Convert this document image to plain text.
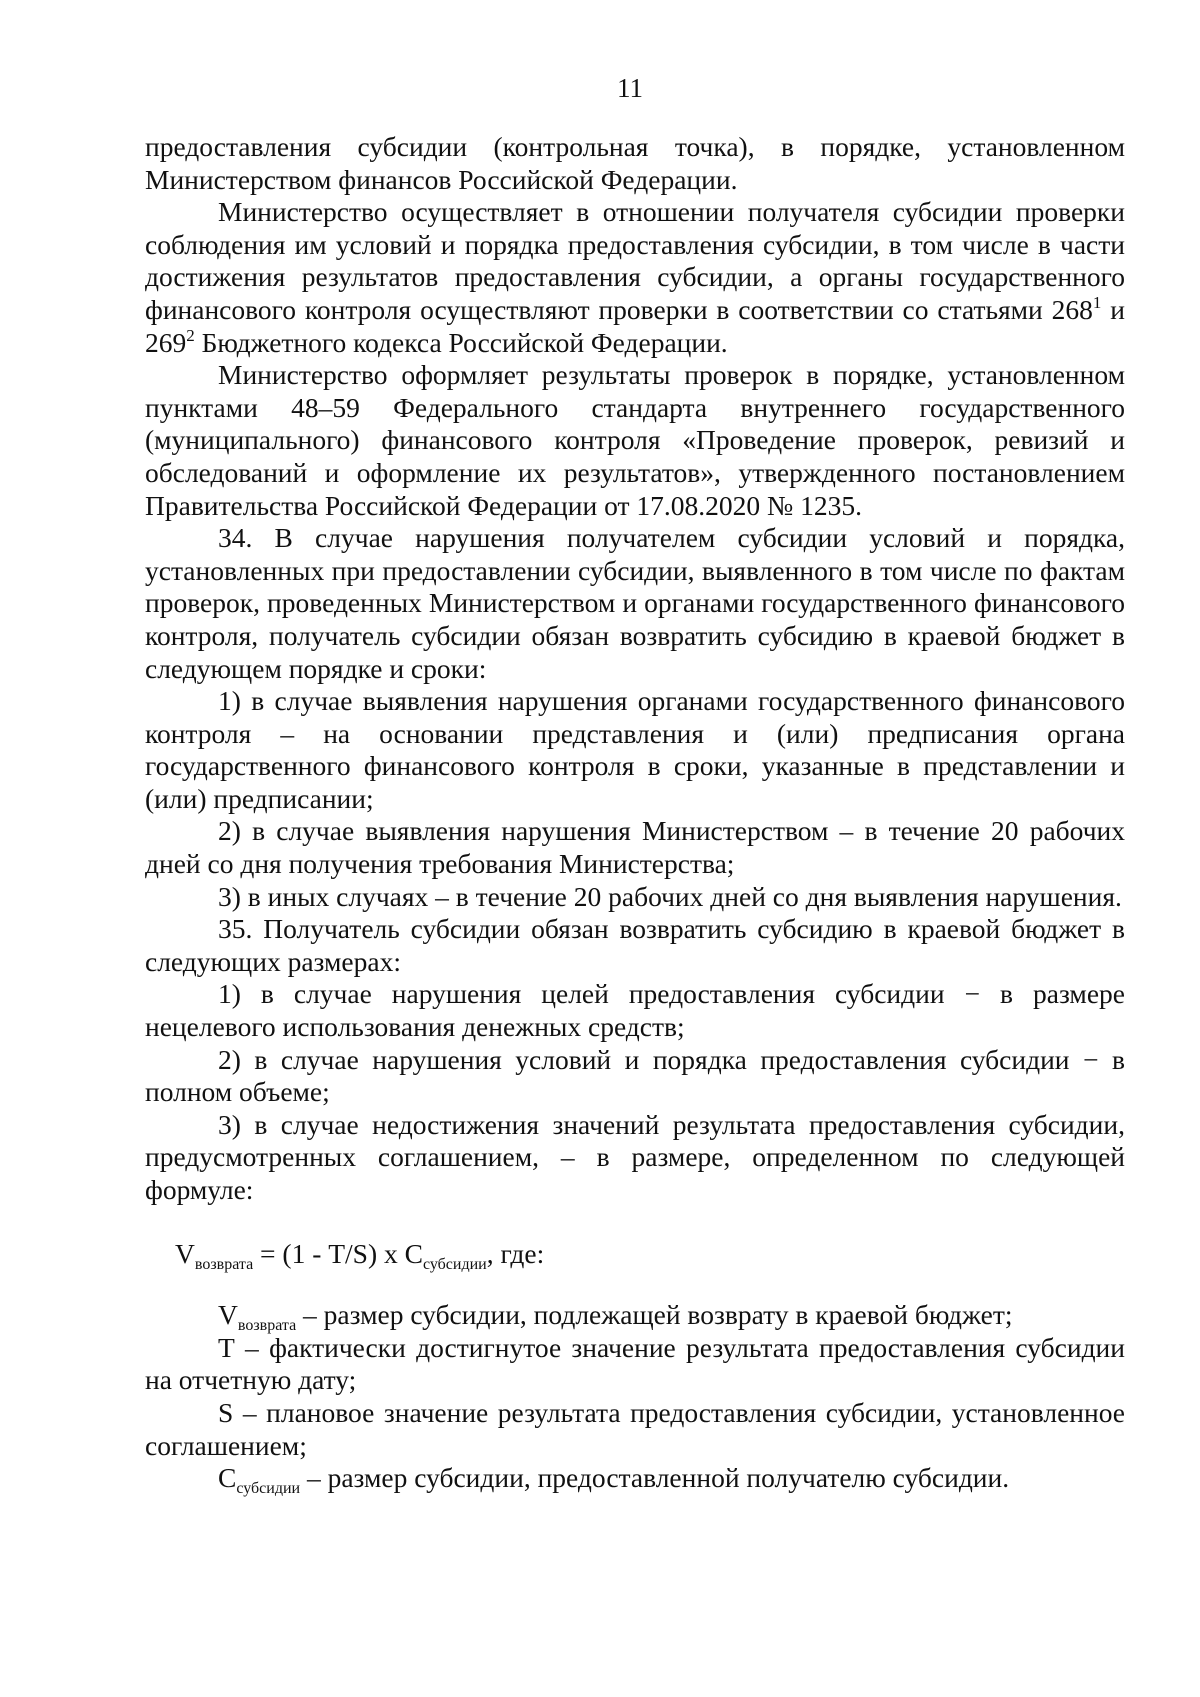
11

предоставления субсидии (контрольная точка), в порядке, установленном Министерством финансов Российской Федерации.

Министерство осуществляет в отношении получателя субсидии проверки соблюдения им условий и порядка предоставления субсидии, в том числе в части достижения результатов предоставления субсидии, а органы государственного финансового контроля осуществляют проверки в соответствии со статьями $268^1$ и $269^2$ Бюджетного кодекса Российской Федерации.

Министерство оформляет результаты проверок в порядке, установленном пунктами 48–59 Федерального стандарта внутреннего государственного (муниципального) финансового контроля «Проведение проверок, ревизий и обследований и оформление их результатов», утвержденного постановлением Правительства Российской Федерации от 17.08.2020 № 1235.

34. В случае нарушения получателем субсидии условий и порядка, установленных при предоставлении субсидии, выявленного в том числе по фактам проверок, проведенных Министерством и органами государственного финансового контроля, получатель субсидии обязан возвратить субсидию в краевой бюджет в следующем порядке и сроки:

1) в случае выявления нарушения органами государственного финансового контроля – на основании представления и (или) предписания органа государственного финансового контроля в сроки, указанные в представлении и (или) предписании;

2) в случае выявления нарушения Министерством – в течение 20 рабочих дней со дня получения требования Министерства;

3) в иных случаях – в течение 20 рабочих дней со дня выявления нарушения.

35. Получатель субсидии обязан возвратить субсидию в краевой бюджет в следующих размерах:

1) в случае нарушения целей предоставления субсидии − в размере нецелевого использования денежных средств;

2) в случае нарушения условий и порядка предоставления субсидии − в полном объеме;

3) в случае недостижения значений результата предоставления субсидии, предусмотренных соглашением, – в размере, определенном по следующей формуле:

$V_{возврата} = (1 - T/S)$ x $C_{субсидии}$, где:

$V_{возврата}$ – размер субсидии, подлежащей возврату в краевой бюджет;

Т – фактически достигнутое значение результата предоставления субсидии на отчетную дату;

S – плановое значение результата предоставления субсидии, установленное соглашением;

$С_{субсидии}$ – размер субсидии, предоставленной получателю субсидии.
